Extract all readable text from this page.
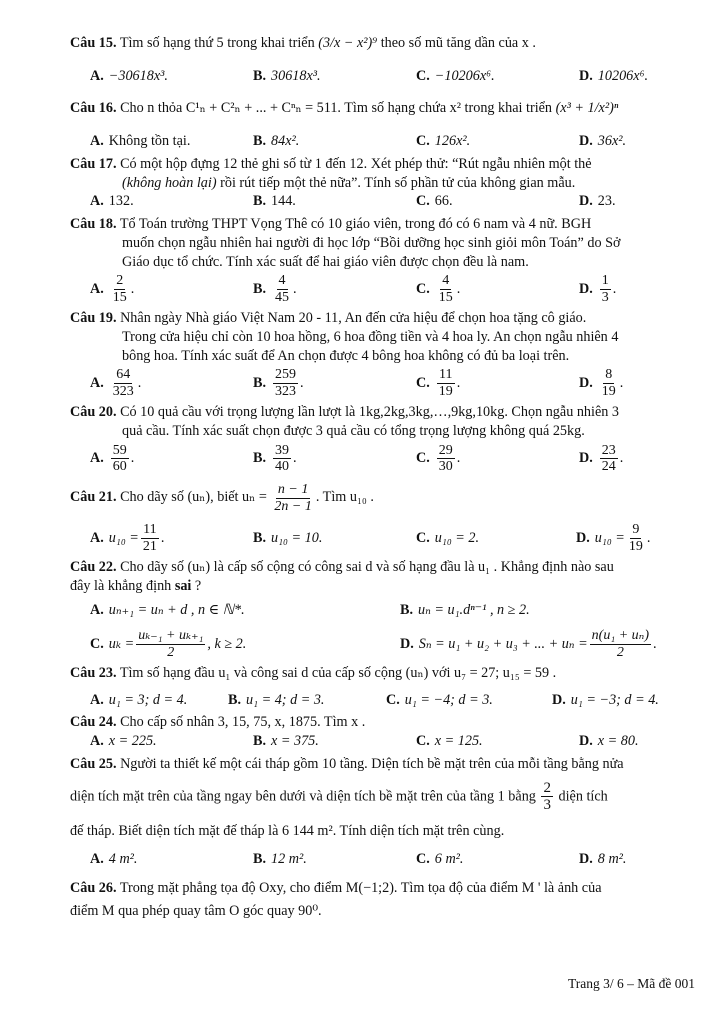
Câu 15. Tìm số hạng thứ 5 trong khai triển (3/x − x²)⁹ theo số mũ tăng dần của x .

A. −30618x³.	B. 30618x³.	C. −10206x⁶.	D. 10206x⁶.

Câu 16. Cho n thỏa C¹ₙ + C²ₙ + ... + Cⁿₙ = 511. Tìm số hạng chứa x² trong khai triển (x³ + 1/x²)ⁿ

A. Không tồn tại.	B. 84x².	C. 126x².	D. 36x².

Câu 17. Có một hộp đựng 12 thẻ ghi số từ 1 đến 12. Xét phép thử: “Rút ngẫu nhiên một thẻ

(không hoàn lại) rồi rút tiếp một thẻ nữa”. Tính số phần tử của không gian mẫu.

A. 132.	B. 144.	C. 66.	D. 23.

Câu 18. Tổ Toán trường THPT Vọng Thê có 10 giáo viên, trong đó có 6 nam và 4 nữ. BGH

muốn chọn ngẫu nhiên hai người đi học lớp “Bồi dưỡng học sinh giỏi môn Toán” do Sở

Giáo dục tổ chức. Tính xác suất để hai giáo viên được chọn đều là nam.

A. $\frac{2}{15}$ .	B. $\frac{4}{45}$ .	C. $\frac{4}{15}$ .	D. $\frac{1}{3}$ .

Câu 19. Nhân ngày Nhà giáo Việt Nam 20 - 11, An đến cửa hiệu để chọn hoa tặng cô giáo.

Trong cửa hiệu chỉ còn 10 hoa hồng, 6 hoa đồng tiền và 4 hoa ly. An chọn ngẫu nhiên 4

bông hoa. Tính xác suất để An chọn được 4 bông hoa không có đủ ba loại trên.

A. $\frac{64}{323}$ .	B. $\frac{259}{323}$ .	C. $\frac{11}{19}$ .	D. $\frac{8}{19}$ .

Câu 20. Có 10 quả cầu với trọng lượng lần lượt là 1kg,2kg,3kg,…,9kg,10kg. Chọn ngẫu nhiên 3

quả cầu. Tính xác suất chọn được 3 quả cầu có tổng trọng lượng không quá 25kg.

A. $\frac{59}{60}$ .	B. $\frac{39}{40}$ .	C. $\frac{29}{30}$ .	D. $\frac{23}{24}$ .

Câu 21. Cho dãy số (uₙ), biết $u_n = \frac{n - 1}{2n - 1}$ . Tìm u₁₀ .

A. $u_{10} = \frac{11}{21}$ .	B. u₁₀ = 10.	C. u₁₀ = 2.	D. $u_{10} = \frac{9}{19}$ .

Câu 22. Cho dãy số (uₙ) là cấp số cộng có công sai d và số hạng đầu là u₁ . Khẳng định nào sau

đây là khẳng định sai ?

A. uₙ₊₁ = uₙ + d , n ∈ ℕ*.	B. uₙ = u₁.dⁿ⁻¹ , n ≥ 2.
C. $u_k = \frac{\text{uₖ₋₁ + uₖ₊₁}}{2}$ , k ≥ 2.	D. Sₙ = u₁ + u₂ + u₃ + ... + $u_n = \frac{\text{n(u₁ + uₙ)}}{2}$ .

Câu 23. Tìm số hạng đầu u₁ và công sai d của cấp số cộng (uₙ) với u₇ = 27; u₁₅ = 59 .

A. u₁ = 3; d = 4.	B. u₁ = 4; d = 3.	C. u₁ = −4; d = 3.	D. u₁ = −3; d = 4.

Câu 24. Cho cấp số nhân 3, 15, 75, x, 1875. Tìm x .

A. x = 225.	B. x = 375.	C. x = 125.	D. x = 80.

Câu 25. Người ta thiết kế một cái tháp gồm 10 tầng. Diện tích bề mặt trên của mỗi tầng bằng nửa

diện tích mặt trên của tầng ngay bên dưới và diện tích bề mặt trên của tầng 1 bằng $\frac{2}{3}$ diện tích

đế tháp. Biết diện tích mặt đế tháp là 6 144 m². Tính diện tích mặt trên cùng.

A. 4 m².	B. 12 m².	C. 6 m².	D. 8 m².

Câu 26. Trong mặt phẳng tọa độ Oxy, cho điểm M(−1;2). Tìm tọa độ của điểm M ' là ảnh của

điểm M qua phép quay tâm O góc quay 90⁰.

Trang 3/ 6 – Mã đề 001
